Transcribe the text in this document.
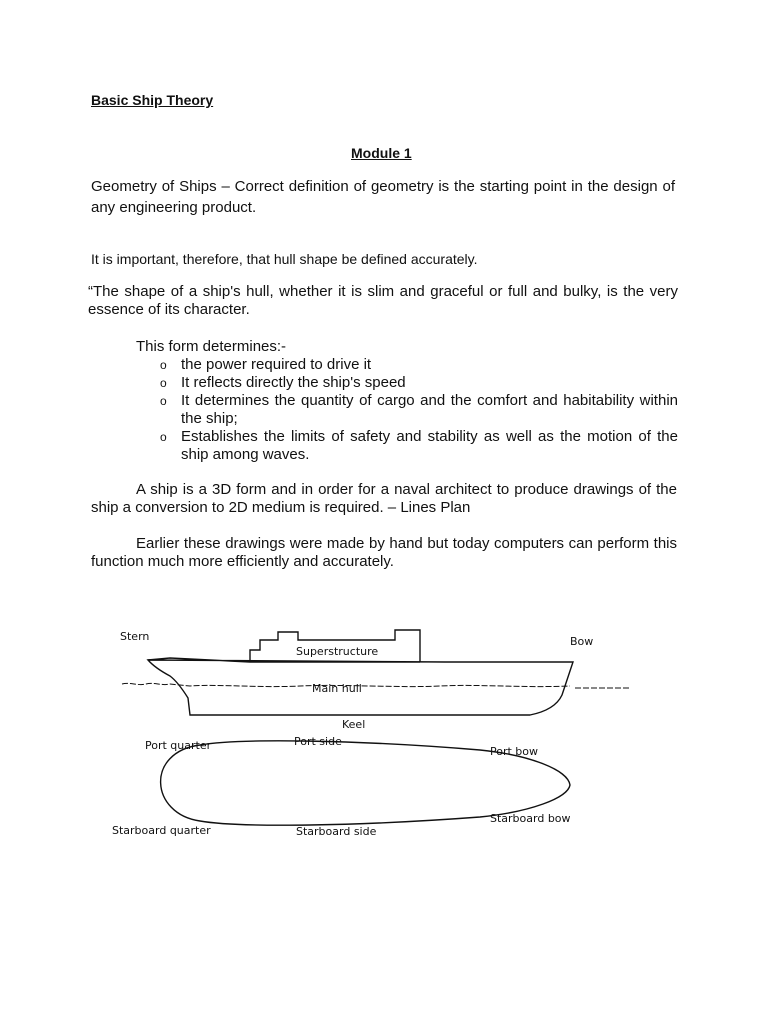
Basic Ship Theory

Module 1

Geometry of Ships – Correct definition of geometry is the starting point in the design of any engineering product.

It is important, therefore, that hull shape be defined accurately.

“The shape of a ship's hull, whether it is slim and graceful or full and bulky, is the very essence of its character.

This form determines:-

o the power required to drive it
o It reflects directly the ship's speed
o It determines the quantity of cargo and the comfort and habitability within the ship;
o Establishes the limits of safety and stability as well as the motion of the ship among waves.

A ship is a 3D form and in order for a naval architect to produce drawings of the ship a conversion to 2D medium is required. – Lines Plan

Earlier these drawings were made by hand but today computers can perform this function much more efficiently and accurately.

Stern	Bow
Superstructure
Main hull
Keel
Port quarter	Port side
Port bow
Starboard quarter	Starboard side
Starboard bow
